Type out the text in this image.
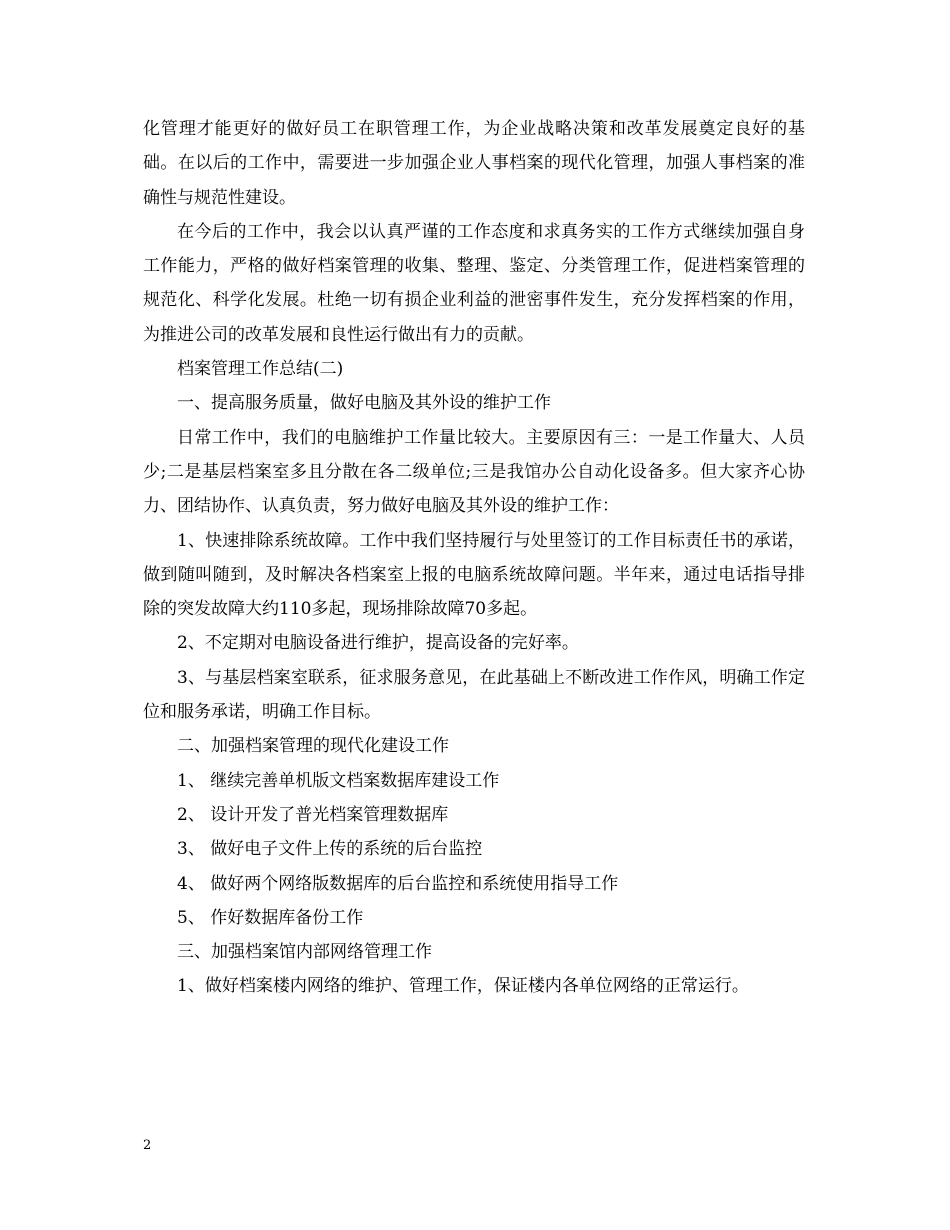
化管理才能更好的做好员工在职管理工作，为企业战略决策和改革发展奠定良好的基础。在以后的工作中，需要进一步加强企业人事档案的现代化管理，加强人事档案的准确性与规范性建设。

在今后的工作中，我会以认真严谨的工作态度和求真务实的工作方式继续加强自身工作能力，严格的做好档案管理的收集、整理、鉴定、分类管理工作，促进档案管理的规范化、科学化发展。杜绝一切有损企业利益的泄密事件发生，充分发挥档案的作用，为推进公司的改革发展和良性运行做出有力的贡献。

档案管理工作总结(二)

一、提高服务质量，做好电脑及其外设的维护工作

日常工作中，我们的电脑维护工作量比较大。主要原因有三：一是工作量大、人员少;二是基层档案室多且分散在各二级单位;三是我馆办公自动化设备多。但大家齐心协力、团结协作、认真负责，努力做好电脑及其外设的维护工作：

1、快速排除系统故障。工作中我们坚持履行与处里签订的工作目标责任书的承诺，做到随叫随到，及时解决各档案室上报的电脑系统故障问题。半年来，通过电话指导排除的突发故障大约110多起，现场排除故障70多起。

2、不定期对电脑设备进行维护，提高设备的完好率。

3、与基层档案室联系，征求服务意见，在此基础上不断改进工作作风，明确工作定位和服务承诺，明确工作目标。

二、加强档案管理的现代化建设工作

1、 继续完善单机版文档案数据库建设工作

2、 设计开发了普光档案管理数据库

3、 做好电子文件上传的系统的后台监控

4、 做好两个网络版数据库的后台监控和系统使用指导工作

5、 作好数据库备份工作

三、加强档案馆内部网络管理工作

1、做好档案楼内网络的维护、管理工作，保证楼内各单位网络的正常运行。

2
